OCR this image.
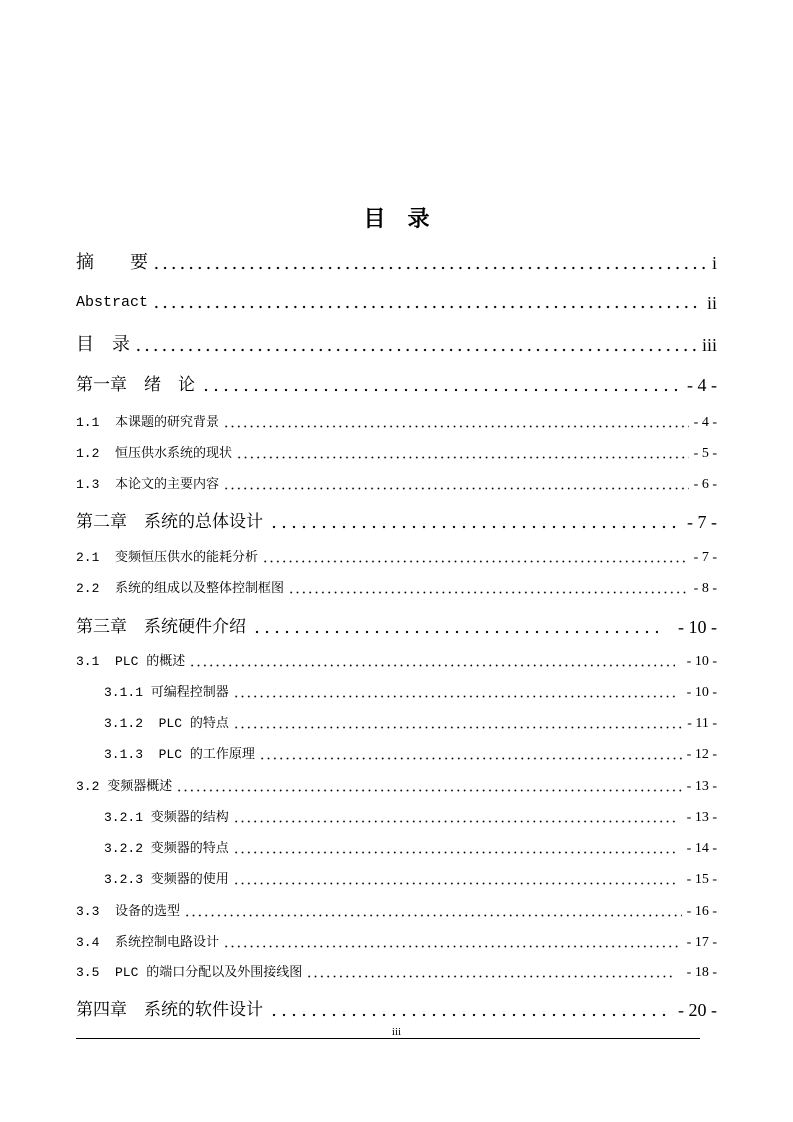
目　录
摘　　要	i
Abstract	ii
目　录	iii
第一章　绪　论	- 4 -
1.1  本课题的研究背景	- 4 -
1.2  恒压供水系统的现状	- 5 -
1.3  本论文的主要内容	- 6 -
第二章　系统的总体设计	- 7 -
2.1  变频恒压供水的能耗分析	- 7 -
2.2  系统的组成以及整体控制框图	- 8 -
第三章　系统硬件介绍	- 10 -
3.1  PLC 的概述	- 10 -
3.1.1 可编程控制器	- 10 -
3.1.2  PLC 的特点	- 11 -
3.1.3  PLC 的工作原理	- 12 -
3.2 变频器概述	- 13 -
3.2.1 变频器的结构	- 13 -
3.2.2 变频器的特点	- 14 -
3.2.3 变频器的使用	- 15 -
3.3  设备的选型	- 16 -
3.4  系统控制电路设计	- 17 -
3.5  PLC 的端口分配以及外围接线图	- 18 -
第四章　系统的软件设计	- 20 -
iii
